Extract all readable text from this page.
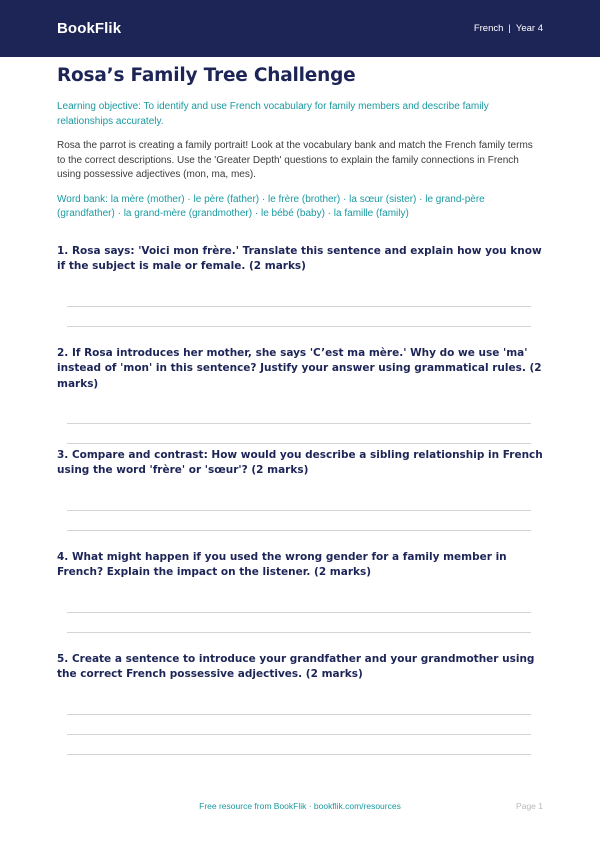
BookFlik	French | Year 4
Rosa’s Family Tree Challenge

Learning objective: To identify and use French vocabulary for family members and describe family relationships accurately.

Rosa the parrot is creating a family portrait! Look at the vocabulary bank and match the French family terms to the correct descriptions. Use the 'Greater Depth' questions to explain the family connections in French using possessive adjectives (mon, ma, mes).

Word bank: la mère (mother) · le père (father) · le frère (brother) · la sœur (sister) · le grand-père (grandfather) · la grand-mère (grandmother) · le bébé (baby) · la famille (family)

1. Rosa says: 'Voici mon frère.' Translate this sentence and explain how you know if the subject is male or female. (2 marks)

2. If Rosa introduces her mother, she says 'C’est ma mère.' Why do we use 'ma' instead of 'mon' in this sentence? Justify your answer using grammatical rules. (2 marks)

3. Compare and contrast: How would you describe a sibling relationship in French using the word 'frère' or 'sœur'? (2 marks)

4. What might happen if you used the wrong gender for a family member in French? Explain the impact on the listener. (2 marks)

5. Create a sentence to introduce your grandfather and your grandmother using the correct French possessive adjectives. (2 marks)

Free resource from BookFlik · bookflik.com/resources	Page 1
